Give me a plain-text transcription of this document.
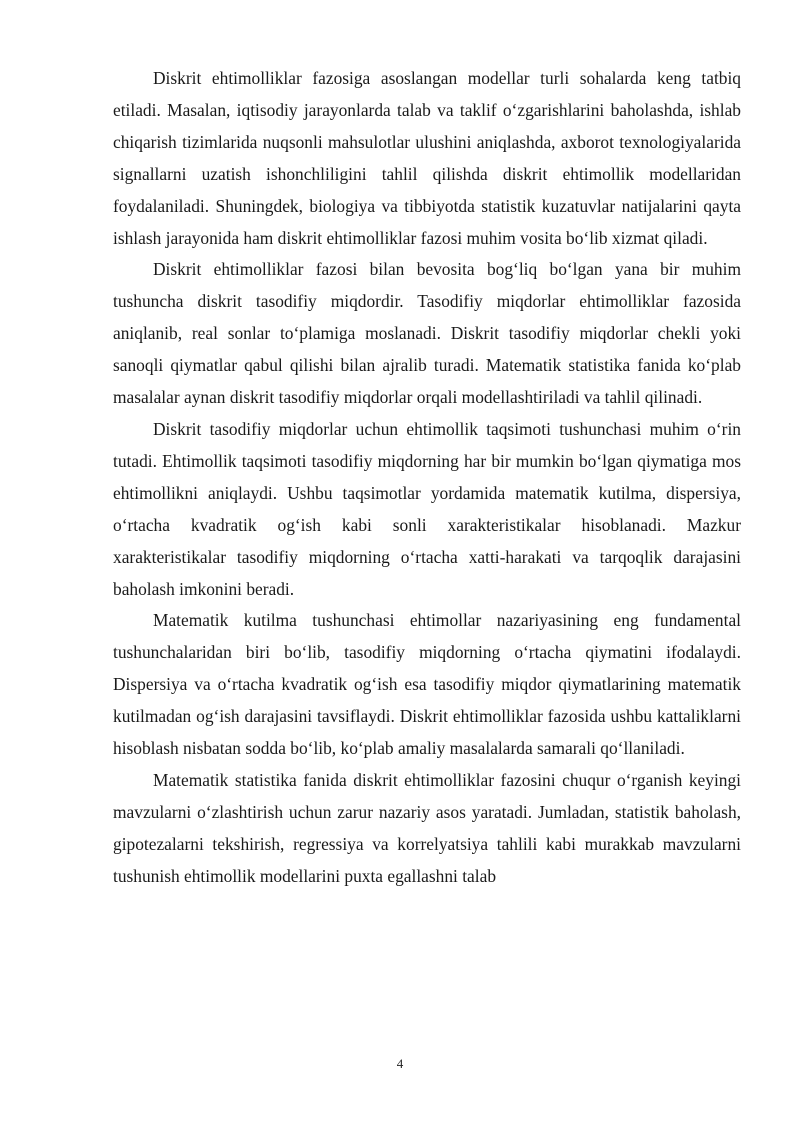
Diskrit ehtimolliklar fazosiga asoslangan modellar turli sohalarda keng tatbiq etiladi. Masalan, iqtisodiy jarayonlarda talab va taklif o‘zgarishlarini baholashda, ishlab chiqarish tizimlarida nuqsonli mahsulotlar ulushini aniqlashda, axborot texnologiyalarida signallarni uzatish ishonchliligini tahlil qilishda diskrit ehtimollik modellaridan foydalaniladi. Shuningdek, biologiya va tibbiyotda statistik kuzatuvlar natijalarini qayta ishlash jarayonida ham diskrit ehtimolliklar fazosi muhim vosita bo‘lib xizmat qiladi.

Diskrit ehtimolliklar fazosi bilan bevosita bog‘liq bo‘lgan yana bir muhim tushuncha diskrit tasodifiy miqdordir. Tasodifiy miqdorlar ehtimolliklar fazosida aniqlanib, real sonlar to‘plamiga moslanadi. Diskrit tasodifiy miqdorlar chekli yoki sanoqli qiymatlar qabul qilishi bilan ajralib turadi. Matematik statistika fanida ko‘plab masalalar aynan diskrit tasodifiy miqdorlar orqali modellashtiriladi va tahlil qilinadi.

Diskrit tasodifiy miqdorlar uchun ehtimollik taqsimoti tushunchasi muhim o‘rin tutadi. Ehtimollik taqsimoti tasodifiy miqdorning har bir mumkin bo‘lgan qiymatiga mos ehtimollikni aniqlaydi. Ushbu taqsimotlar yordamida matematik kutilma, dispersiya, o‘rtacha kvadratik og‘ish kabi sonli xarakteristikalar hisoblanadi. Mazkur xarakteristikalar tasodifiy miqdorning o‘rtacha xatti-harakati va tarqoqlik darajasini baholash imkonini beradi.

Matematik kutilma tushunchasi ehtimollar nazariyasining eng fundamental tushunchalaridan biri bo‘lib, tasodifiy miqdorning o‘rtacha qiymatini ifodalaydi. Dispersiya va o‘rtacha kvadratik og‘ish esa tasodifiy miqdor qiymatlarining matematik kutilmadan og‘ish darajasini tavsiflaydi. Diskrit ehtimolliklar fazosida ushbu kattaliklarni hisoblash nisbatan sodda bo‘lib, ko‘plab amaliy masalalarda samarali qo‘llaniladi.

Matematik statistika fanida diskrit ehtimolliklar fazosini chuqur o‘rganish keyingi mavzularni o‘zlashtirish uchun zarur nazariy asos yaratadi. Jumladan, statistik baholash, gipotezalarni tekshirish, regressiya va korrelyatsiya tahlili kabi murakkab mavzularni tushunish ehtimollik modellarini puxta egallashni talab

4
